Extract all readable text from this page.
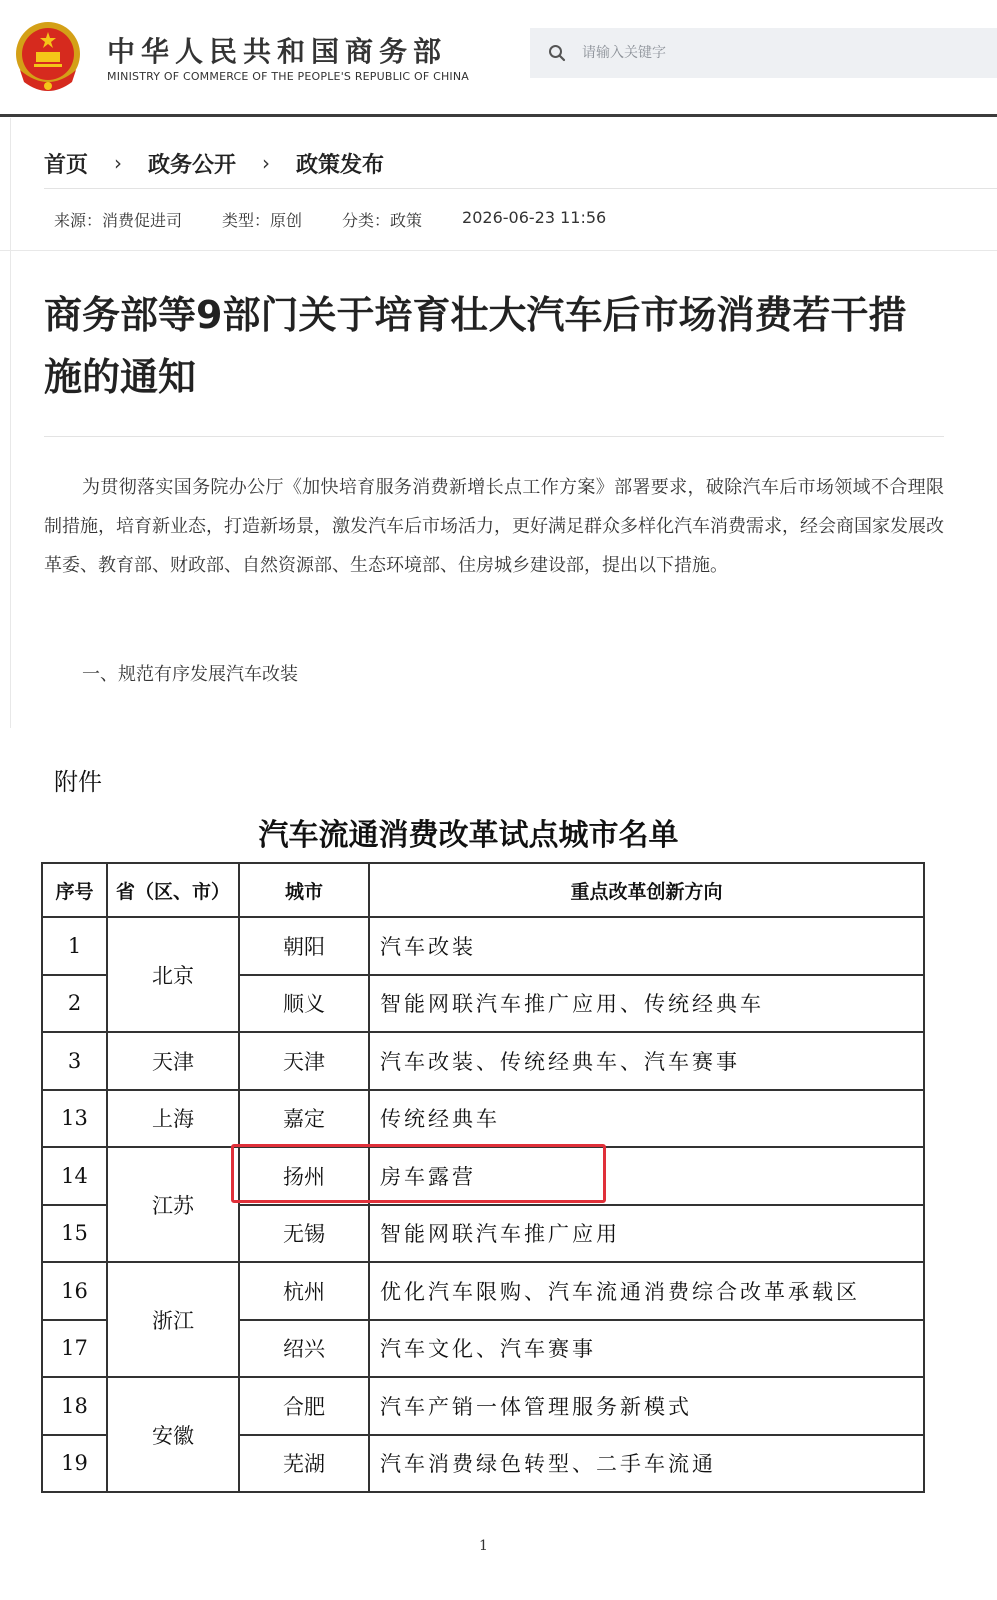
中华人民共和国商务部
MINISTRY OF COMMERCE OF THE PEOPLE'S REPUBLIC OF CHINA
请输入关键字
首页 › 政务公开 › 政策发布
来源：消费促进司	类型：原创	分类：政策	2026-06-23 11:56
商务部等9部门关于培育壮大汽车后市场消费若干措施的通知

为贯彻落实国务院办公厅《加快培育服务消费新增长点工作方案》部署要求，破除汽车后市场领域不合理限制措施，培育新业态，打造新场景，激发汽车后市场活力，更好满足群众多样化汽车消费需求，经会商国家发展改革委、教育部、财政部、自然资源部、生态环境部、住房城乡建设部，提出以下措施。

一、规范有序发展汽车改装
附件
汽车流通消费改革试点城市名单
序号	省（区、市）	城市	重点改革创新方向
1	北京	朝阳	汽车改装
2		顺义	智能网联汽车推广应用、传统经典车
3	天津	天津	汽车改装、传统经典车、汽车赛事
13	上海	嘉定	传统经典车
14	江苏	扬州	房车露营
15		无锡	智能网联汽车推广应用
16	浙江	杭州	优化汽车限购、汽车流通消费综合改革承载区
17		绍兴	汽车文化、汽车赛事
18	安徽	合肥	汽车产销一体管理服务新模式
19		芜湖	汽车消费绿色转型、二手车流通
1
